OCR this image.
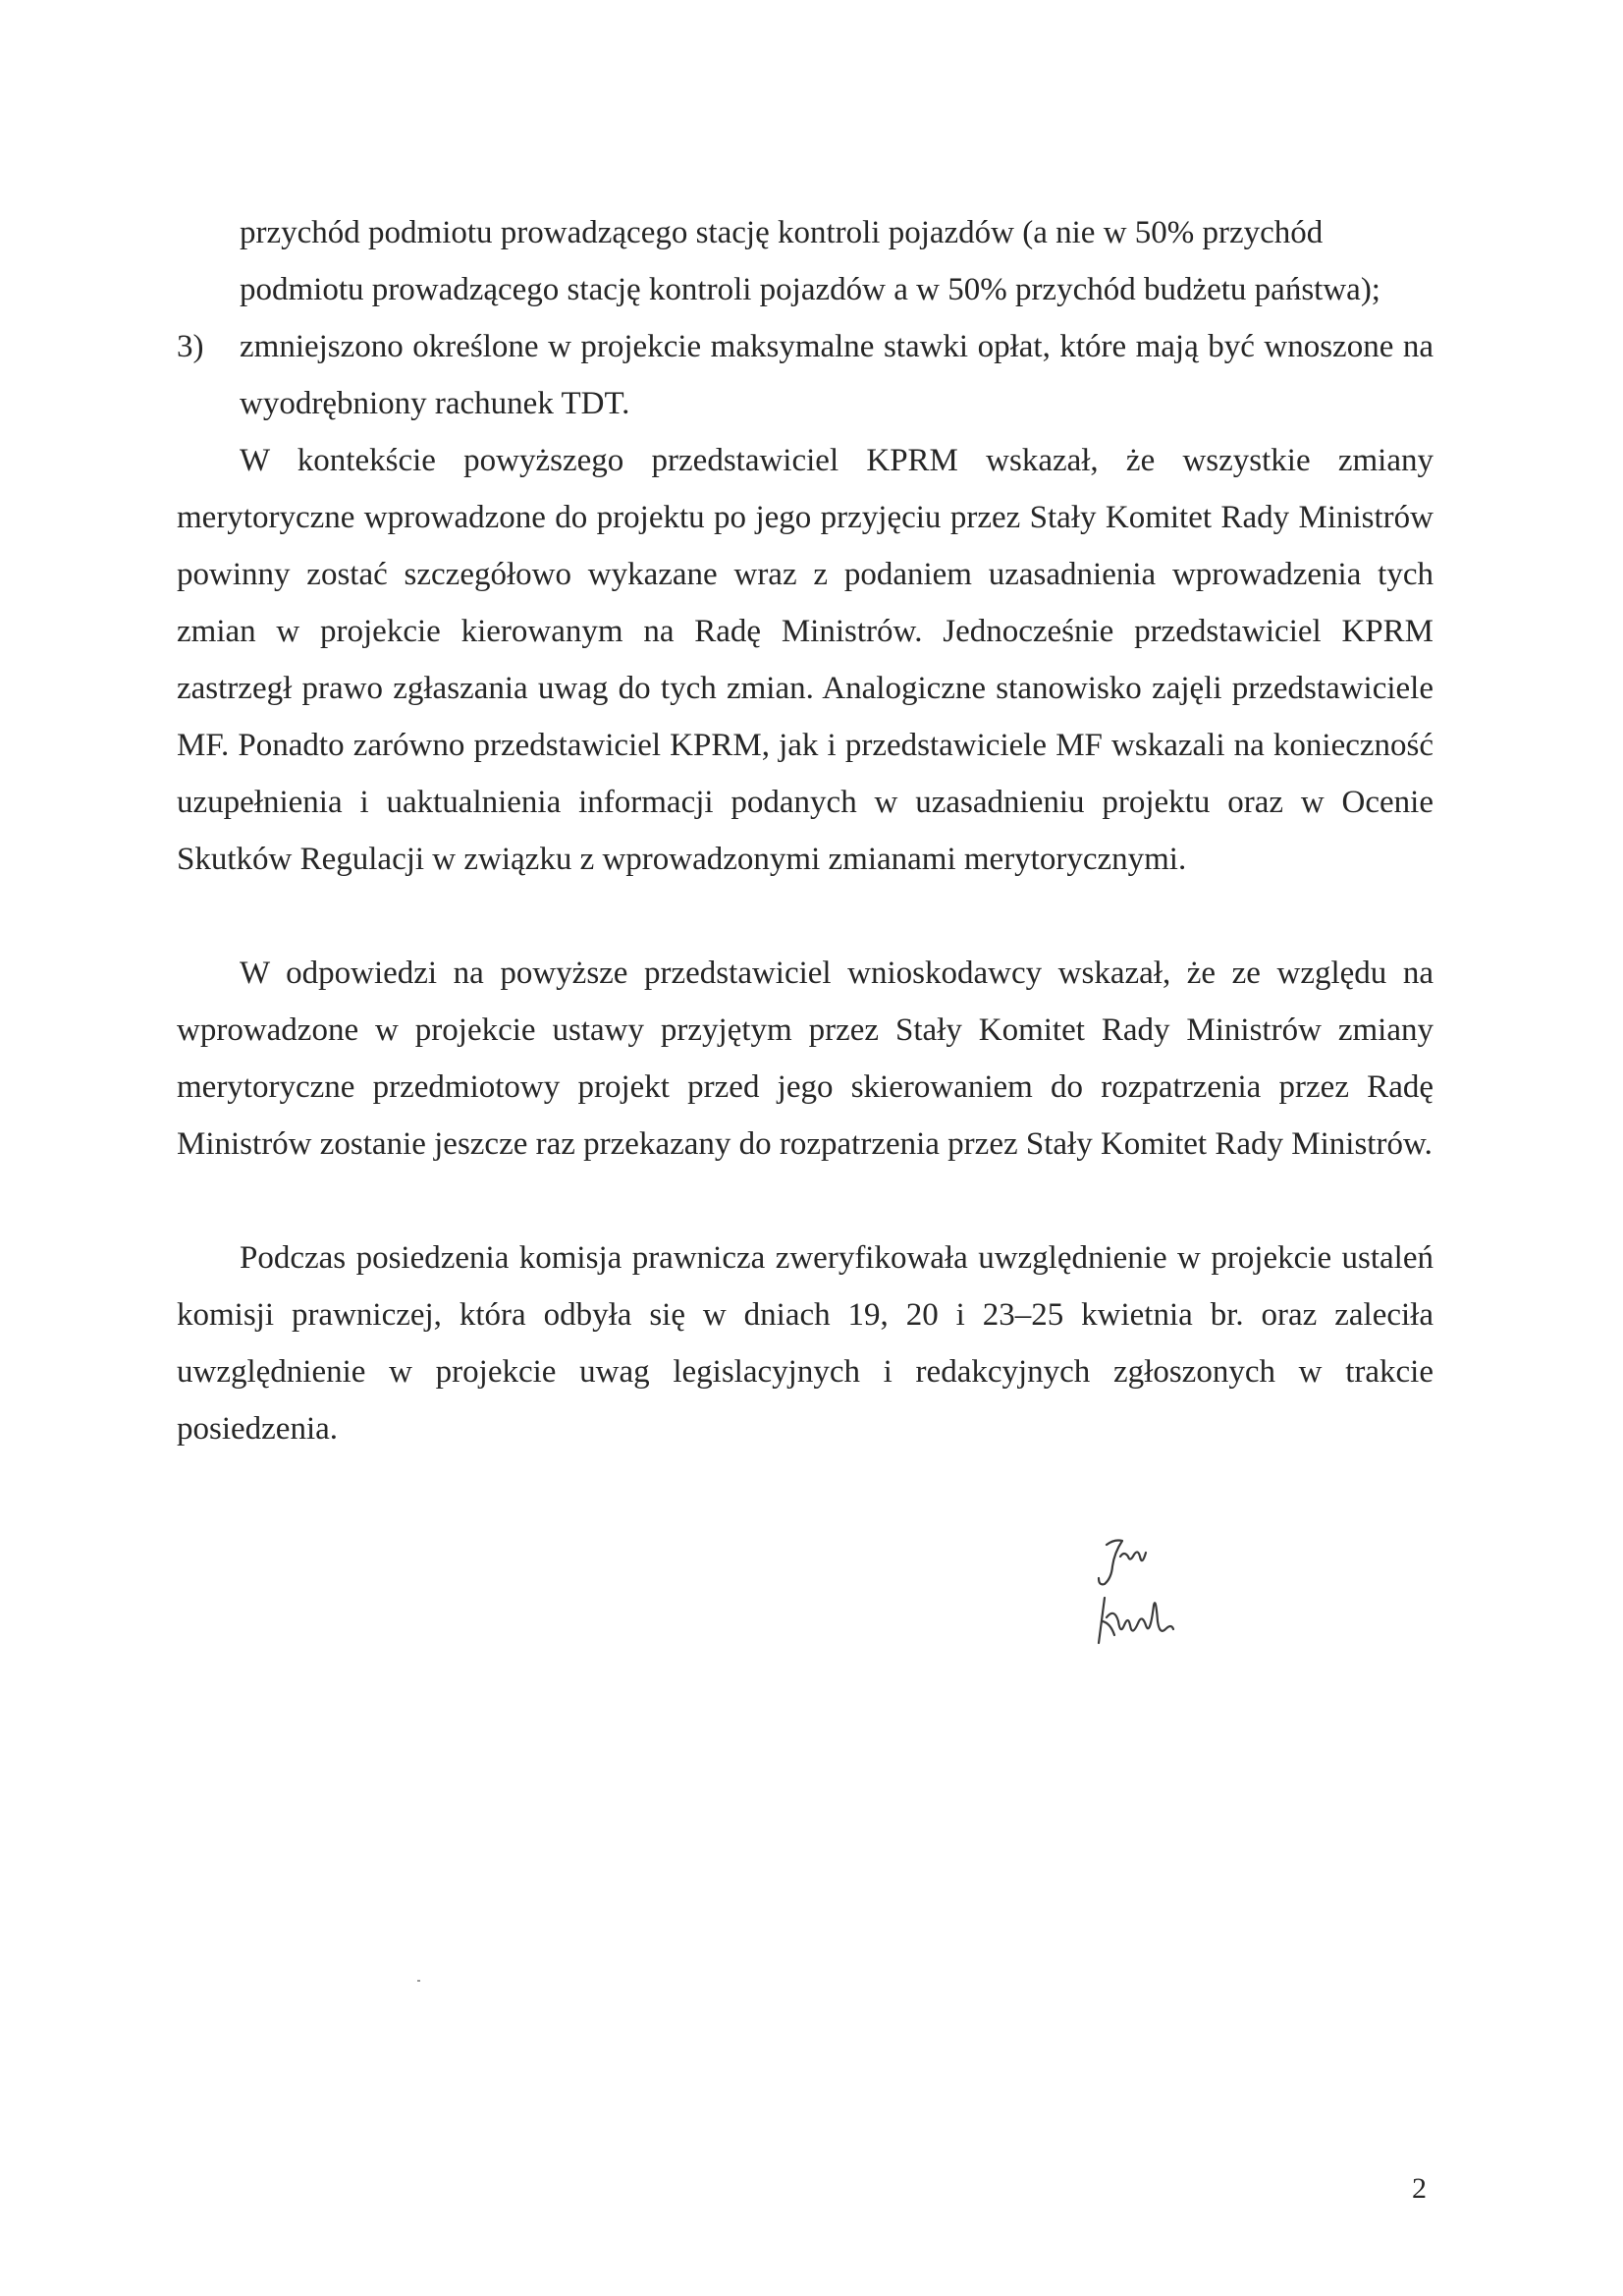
przychód podmiotu prowadzącego stację kontroli pojazdów (a nie w 50% przychód
podmiotu prowadzącego stację kontroli pojazdów a w 50% przychód budżetu państwa);
3) zmniejszono określone w projekcie maksymalne stawki opłat, które mają być wnoszone na wyodrębniony rachunek TDT.
W kontekście powyższego przedstawiciel KPRM wskazał, że wszystkie zmiany merytoryczne wprowadzone do projektu po jego przyjęciu przez Stały Komitet Rady Ministrów powinny zostać szczegółowo wykazane wraz z podaniem uzasadnienia wprowadzenia tych zmian w projekcie kierowanym na Radę Ministrów. Jednocześnie przedstawiciel KPRM zastrzegł prawo zgłaszania uwag do tych zmian. Analogiczne stanowisko zajęli przedstawiciele MF. Ponadto zarówno przedstawiciel KPRM, jak i przedstawiciele MF wskazali na konieczność uzupełnienia i uaktualnienia informacji podanych w uzasadnieniu projektu oraz w Ocenie Skutków Regulacji w związku z wprowadzonymi zmianami merytorycznymi.
W odpowiedzi na powyższe przedstawiciel wnioskodawcy wskazał, że ze względu na wprowadzone w projekcie ustawy przyjętym przez Stały Komitet Rady Ministrów zmiany merytoryczne przedmiotowy projekt przed jego skierowaniem do rozpatrzenia przez Radę Ministrów zostanie jeszcze raz przekazany do rozpatrzenia przez Stały Komitet Rady Ministrów.
Podczas posiedzenia komisja prawnicza zweryfikowała uwzględnienie w projekcie ustaleń komisji prawniczej, która odbyła się w dniach 19, 20 i 23–25 kwietnia br. oraz zaleciła uwzględnienie w projekcie uwag legislacyjnych i redakcyjnych zgłoszonych w trakcie posiedzenia.
2
